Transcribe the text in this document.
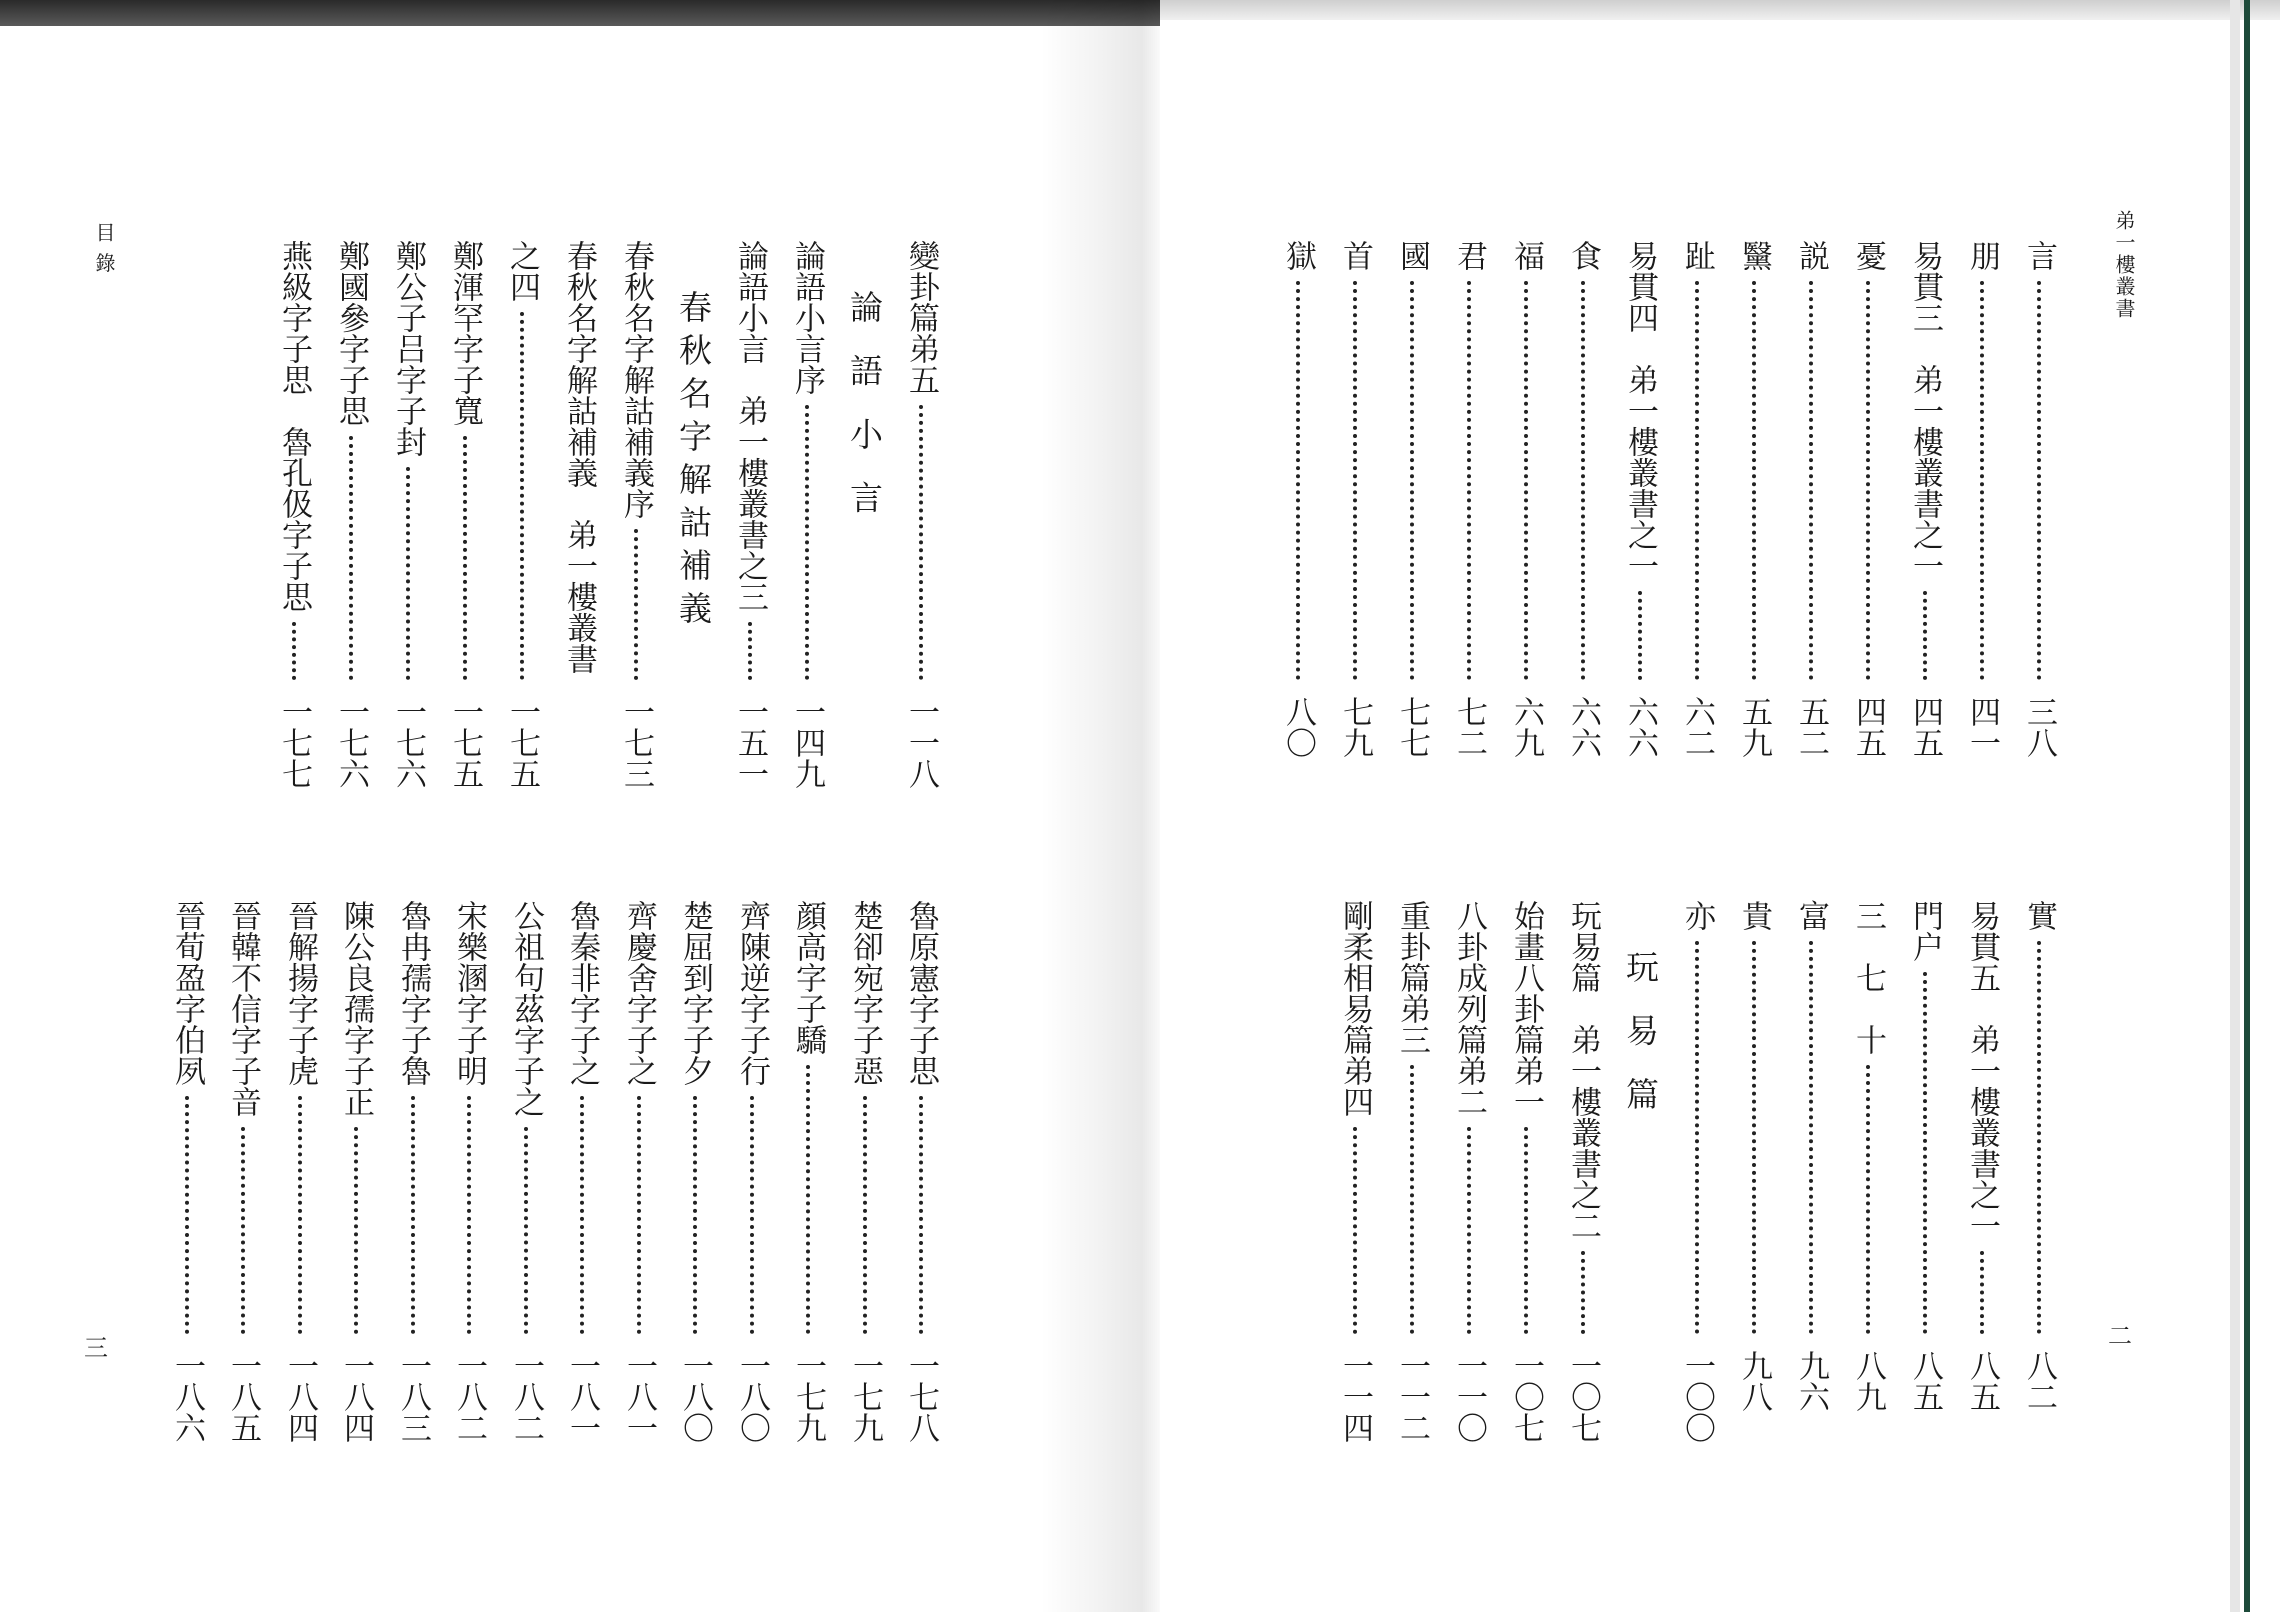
目 錄
三
變卦篇弟五
一一八
論 語 小 言
論語小言序
一四九
論語小言　弟一樓叢書之三
一五一
春秋名字解詁補義
春秋名字解詁補義序
一七三
春秋名字解詁補義　弟一樓叢書
之四
一七五
鄭渾罕字子寬
一七五
鄭公子吕字子封
一七六
鄭國參字子思
一七六
燕級字子思　魯孔伋字子思
一七七
魯原憲字子思
一七八
楚卻宛字子惡
一七九
顔高字子驕
一七九
齊陳逆字子行
一八〇
楚屈到字子夕
一八〇
齊慶舍字子之
一八一
魯秦非字子之
一八一
公祖句茲字子之
一八二
宋樂溷字子明
一八二
魯冉孺字子魯
一八三
陳公良孺字子正
一八四
晉解揚字子虎
一八四
晉韓不信字子音
一八五
晉荀盈字伯夙
一八六
弟一樓叢書
二
言
三八
朋
四一
易貫三　弟一樓叢書之一
四五
憂
四五
説
五二
黳
五九
趾
六二
易貫四　弟一樓叢書之一
六六
食
六六
福
六九
君
七二
國
七七
首
七九
獄
八〇
實
八二
易貫五　弟一樓叢書之一
八五
門户
八五
三　七　十
八九
富
九六
貴
九八
亦
一〇〇
玩 易 篇
玩易篇　弟一樓叢書之二
一〇七
始畫八卦篇弟一
一〇七
八卦成列篇弟二
一一〇
重卦篇弟三
一一二
剛柔相易篇弟四
一一四
